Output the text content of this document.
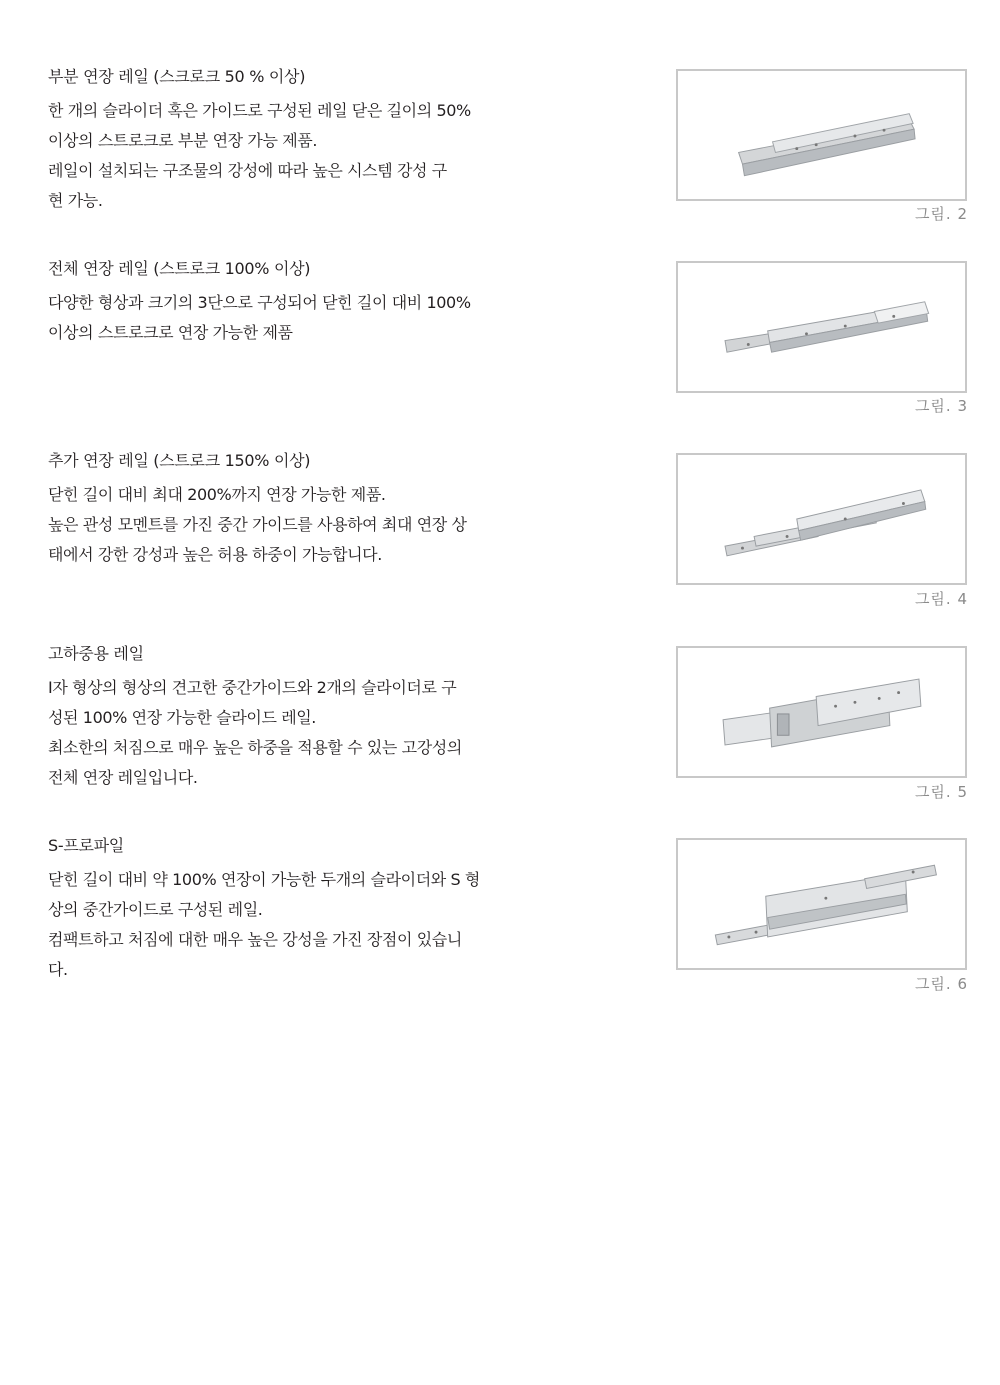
부분 연장 레일 (스크로크 50 % 이상)

한 개의 슬라이더 혹은 가이드로 구성된 레일 닫은 길이의 50%

이상의 스트로크로 부분 연장 가능 제품.

레일이 설치되는 구조물의 강성에 따라 높은 시스템 강성 구

현 가능.

그림. 2

전체 연장 레일 (스트로크 100% 이상)

다양한 형상과 크기의 3단으로 구성되어 닫힌 길이 대비 100%

이상의 스트로크로 연장 가능한 제품

그림. 3

추가 연장 레일 (스트로크 150% 이상)

닫힌 길이 대비 최대 200%까지 연장 가능한 제품.

높은 관성 모멘트를 가진 중간 가이드를 사용하여 최대 연장 상

태에서 강한 강성과 높은 허용 하중이 가능합니다.

그림. 4

고하중용 레일

I자 형상의 형상의 견고한 중간가이드와 2개의 슬라이더로 구

성된 100% 연장 가능한 슬라이드 레일.

최소한의 처짐으로 매우 높은 하중을 적용할 수 있는 고강성의

전체 연장 레일입니다.

그림. 5

S-프로파일

닫힌 길이 대비 약 100% 연장이 가능한 두개의 슬라이더와 S 형

상의 중간가이드로 구성된 레일.

컴팩트하고 처짐에 대한 매우 높은 강성을 가진 장점이 있습니

다.

그림. 6
